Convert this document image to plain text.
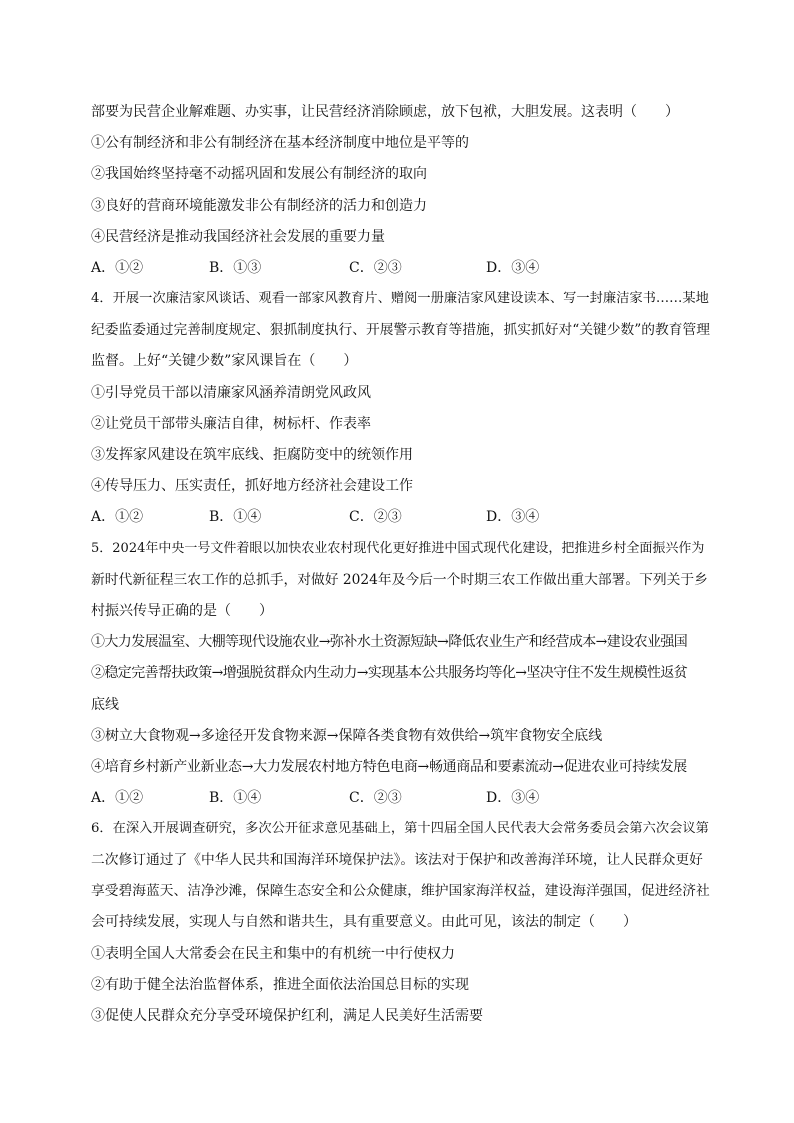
部要为民营企业解难题、办实事，让民营经济消除顾虑，放下包袱，大胆发展。这表明（　　）
①公有制经济和非公有制经济在基本经济制度中地位是平等的
②我国始终坚持毫不动摇巩固和发展公有制经济的取向
③良好的营商环境能激发非公有制经济的活力和创造力
④民营经济是推动我国经济社会发展的重要力量
A．①②	B．①③	C．②③	D．③④
4．开展一次廉洁家风谈话、观看一部家风教育片、赠阅一册廉洁家风建设读本、写一封廉洁家书……某地
纪委监委通过完善制度规定、狠抓制度执行、开展警示教育等措施，抓实抓好对“关键少数”的教育管理
监督。上好“关键少数”家风课旨在（　　）
①引导党员干部以清廉家风涵养清朗党风政风
②让党员干部带头廉洁自律，树标杆、作表率
③发挥家风建设在筑牢底线、拒腐防变中的统领作用
④传导压力、压实责任，抓好地方经济社会建设工作
A．①②	B．①④	C．②③	D．③④
5．2024年中央一号文件着眼以加快农业农村现代化更好推进中国式现代化建设，把推进乡村全面振兴作为
新时代新征程三农工作的总抓手，对做好 2024年及今后一个时期三农工作做出重大部署。下列关于乡
村振兴传导正确的是（　　）
①大力发展温室、大棚等现代设施农业→弥补水土资源短缺→降低农业生产和经营成本→建设农业强国
②稳定完善帮扶政策→增强脱贫群众内生动力→实现基本公共服务均等化→坚决守住不发生规模性返贫
底线
③树立大食物观→多途径开发食物来源→保障各类食物有效供给→筑牢食物安全底线
④培育乡村新产业新业态→大力发展农村地方特色电商→畅通商品和要素流动→促进农业可持续发展
A．①②	B．①④	C．②③	D．③④
6．在深入开展调查研究，多次公开征求意见基础上，第十四届全国人民代表大会常务委员会第六次会议第
二次修订通过了《中华人民共和国海洋环境保护法》。该法对于保护和改善海洋环境，让人民群众更好
享受碧海蓝天、洁净沙滩，保障生态安全和公众健康，维护国家海洋权益，建设海洋强国，促进经济社
会可持续发展，实现人与自然和谐共生，具有重要意义。由此可见，该法的制定（　　）
①表明全国人大常委会在民主和集中的有机统一中行使权力
②有助于健全法治监督体系，推进全面依法治国总目标的实现
③促使人民群众充分享受环境保护红利，满足人民美好生活需要
